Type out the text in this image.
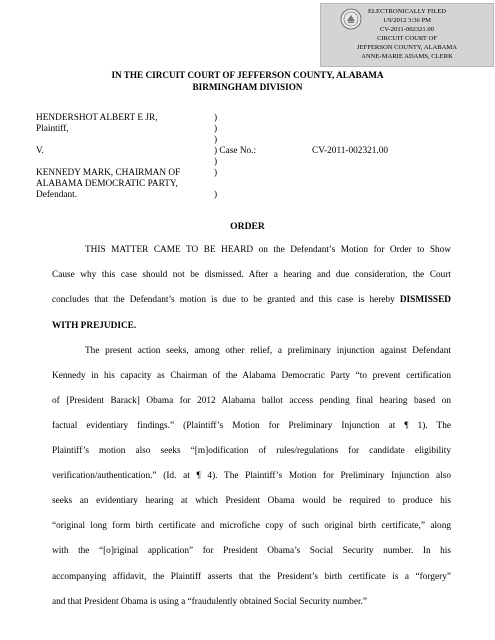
ELECTRONICALLY FILED
1/9/2012 3:36 PM
CV-2011-002321.00
CIRCUIT COURT OF
JEFFERSON COUNTY, ALABAMA
ANNE-MARIE ADAMS, CLERK
IN THE CIRCUIT COURT OF JEFFERSON COUNTY, ALABAMA
BIRMINGHAM DIVISION
HENDERSHOT ALBERT E JR,
Plaintiff,
V.
KENNEDY MARK, CHAIRMAN OF
ALABAMA DEMOCRATIC PARTY,
Defendant.
)
)
)
) Case No.:	CV-2011-002321.00
)
)
)
ORDER
THIS MATTER CAME TO BE HEARD on the Defendant’s Motion for Order to Show
Cause why this case should not be dismissed. After a hearing and due consideration, the Court
concludes that the Defendant’s motion is due to be granted and this case is hereby DISMISSED
WITH PREJUDICE.
The present action seeks, among other relief, a preliminary injunction against Defendant
Kennedy in his capacity as Chairman of the Alabama Democratic Party “to prevent certification
of [President Barack] Obama for 2012 Alabama ballot access pending final hearing based on
factual evidentiary findings.” (Plaintiff’s Motion for Preliminary Injunction at ¶ 1). The
Plaintiff’s motion also seeks “[m]odification of rules/regulations for candidate eligibility
verification/authentication.” (Id. at ¶ 4). The Plaintiff’s Motion for Preliminary Injunction also
seeks an evidentiary hearing at which President Obama would be required to produce his
“original long form birth certificate and microfiche copy of such original birth certificate,” along
with the “[o]riginal application” for President Obama’s Social Security number. In his
accompanying affidavit, the Plaintiff asserts that the President’s birth certificate is a “forgery”
and that President Obama is using a “fraudulently obtained Social Security number.”
